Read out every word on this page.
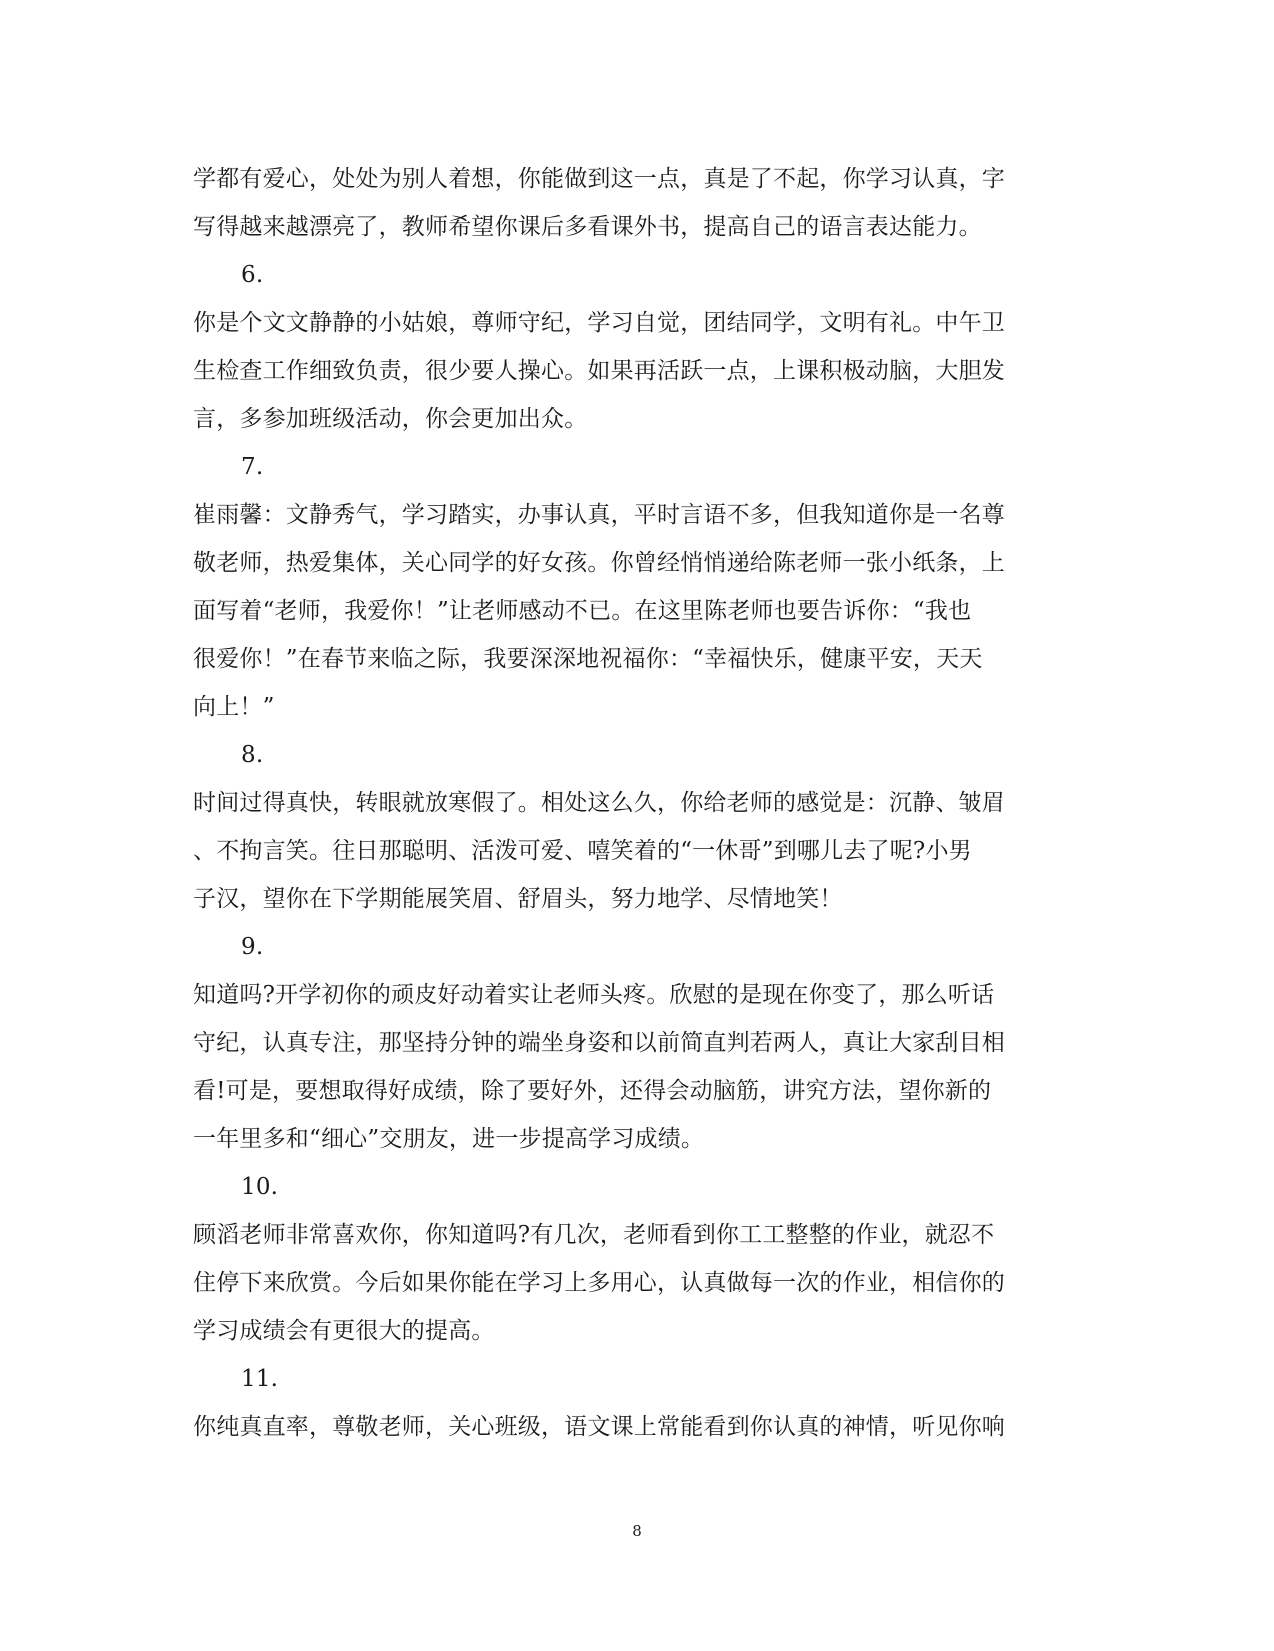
学都有爱心，处处为别人着想，你能做到这一点，真是了不起，你学习认真，字
写得越来越漂亮了，教师希望你课后多看课外书，提高自己的语言表达能力。
6.
你是个文文静静的小姑娘，尊师守纪，学习自觉，团结同学，文明有礼。中午卫
生检查工作细致负责，很少要人操心。如果再活跃一点，上课积极动脑，大胆发
言，多参加班级活动，你会更加出众。
7.
崔雨馨：文静秀气，学习踏实，办事认真，平时言语不多，但我知道你是一名尊
敬老师，热爱集体，关心同学的好女孩。你曾经悄悄递给陈老师一张小纸条，上
面写着“老师，我爱你！”让老师感动不已。在这里陈老师也要告诉你：“我也
很爱你！”在春节来临之际，我要深深地祝福你：“幸福快乐，健康平安，天天
向上！”
8.
时间过得真快，转眼就放寒假了。相处这么久，你给老师的感觉是：沉静、皱眉
、不拘言笑。往日那聪明、活泼可爱、嘻笑着的“一休哥”到哪儿去了呢?小男
子汉，望你在下学期能展笑眉、舒眉头，努力地学、尽情地笑！
9.
知道吗?开学初你的顽皮好动着实让老师头疼。欣慰的是现在你变了，那么听话
守纪，认真专注，那坚持分钟的端坐身姿和以前简直判若两人，真让大家刮目相
看!可是，要想取得好成绩，除了要好外，还得会动脑筋，讲究方法，望你新的
一年里多和“细心”交朋友，进一步提高学习成绩。
10.
顾滔老师非常喜欢你，你知道吗?有几次，老师看到你工工整整的作业，就忍不
住停下来欣赏。今后如果你能在学习上多用心，认真做每一次的作业，相信你的
学习成绩会有更很大的提高。
11.
你纯真直率，尊敬老师，关心班级，语文课上常能看到你认真的神情，听见你响
8
